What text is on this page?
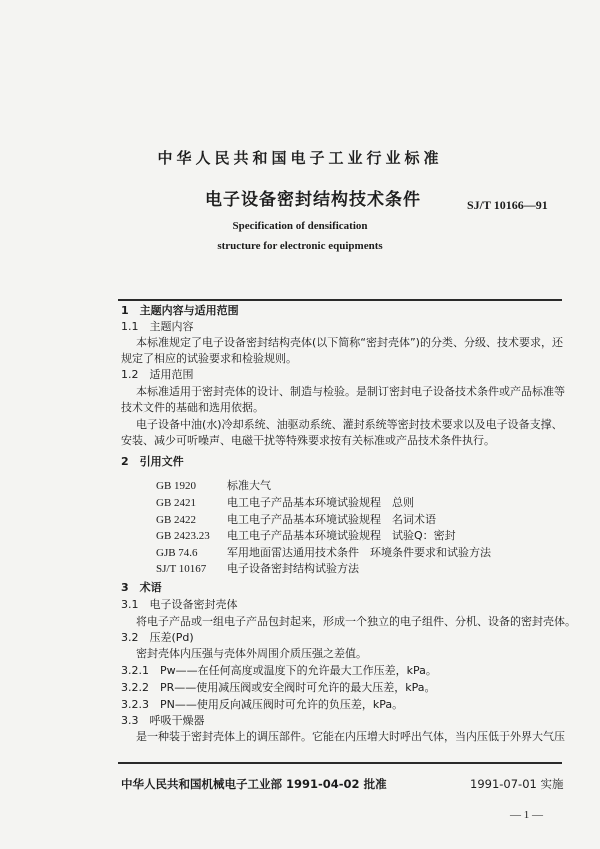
中华人民共和国电子工业行业标准
电子设备密封结构技术条件	SJ/T 10166—91
Specification of densification
structure for electronic equipments
1　主题内容与适用范围
1.1　主题内容
本标准规定了电子设备密封结构壳体(以下简称“密封壳体”)的分类、分级、技术要求，还
规定了相应的试验要求和检验规则。
1.2　适用范围
本标准适用于密封壳体的设计、制造与检验。是制订密封电子设备技术条件或产品标准等
技术文件的基础和选用依据。
电子设备中油(水)冷却系统、油驱动系统、灌封系统等密封技术要求以及电子设备支撑、
安装、减少可听噪声、电磁干扰等特殊要求按有关标准或产品技术条件执行。
2　引用文件
GB 1920	标准大气
GB 2421	电工电子产品基本环境试验规程　总则
GB 2422	电工电子产品基本环境试验规程　名词术语
GB 2423.23 电工电子产品基本环境试验规程　试验Q：密封
GJB 74.6	军用地面雷达通用技术条件　环境条件要求和试验方法
SJ/T 10167 电子设备密封结构试验方法
3　术语
3.1　电子设备密封壳体
将电子产品或一组电子产品包封起来，形成一个独立的电子组件、分机、设备的密封壳体。
3.2　压差(Pd)
密封壳体内压强与壳体外周围介质压强之差值。
3.2.1　Pw——在任何高度或温度下的允许最大工作压差，kPa。
3.2.2　PR——使用减压阀或安全阀时可允许的最大压差，kPa。
3.2.3　PN——使用反向减压阀时可允许的负压差，kPa。
3.3　呼吸干燥器
是一种装于密封壳体上的调压部件。它能在内压增大时呼出气体，当内压低于外界大气压
中华人民共和国机械电子工业部 1991-04-02 批准	1991-07-01 实施
— 1 —
